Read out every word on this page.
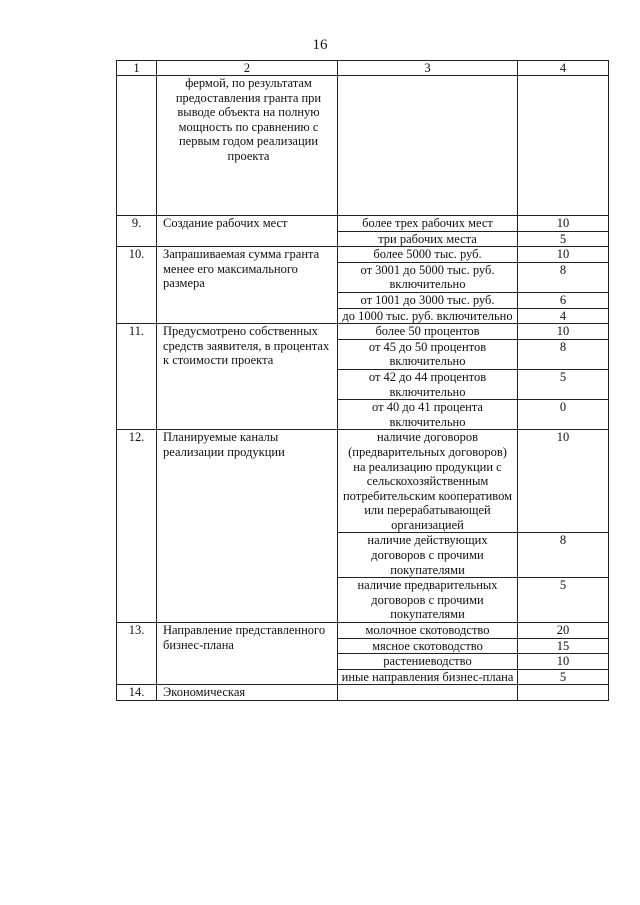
16
1	2	3	4
	фермой, по результатам предоставления гранта при выводе объекта на полную мощность по сравнению с первым годом реализации проекта		
9.	Создание рабочих мест	более трех рабочих мест	10
		три рабочих места	5
10.	Запрашиваемая сумма гранта менее его максимального размера	более 5000 тыс. руб.	10
		от 3001 до 5000 тыс. руб. включительно	8
		от 1001 до 3000 тыс. руб.	6
		до 1000 тыс. руб. включительно	4
11.	Предусмотрено собственных средств заявителя, в процентах к стоимости проекта	более 50 процентов	10
		от 45 до 50 процентов включительно	8
		от 42 до 44 процентов включительно	5
		от 40 до 41 процента включительно	0
12.	Планируемые каналы реализации продукции	наличие договоров (предварительных договоров) на реализацию продукции с сельскохозяйственным потребительским кооперативом или перерабатывающей организацией	10
		наличие действующих договоров с прочими покупателями	8
		наличие предварительных договоров с прочими покупателями	5
13.	Направление представленного бизнес-плана	молочное скотоводство	20
		мясное скотоводство	15
		растениеводство	10
		иные направления бизнес-плана	5
14.	Экономическая		
